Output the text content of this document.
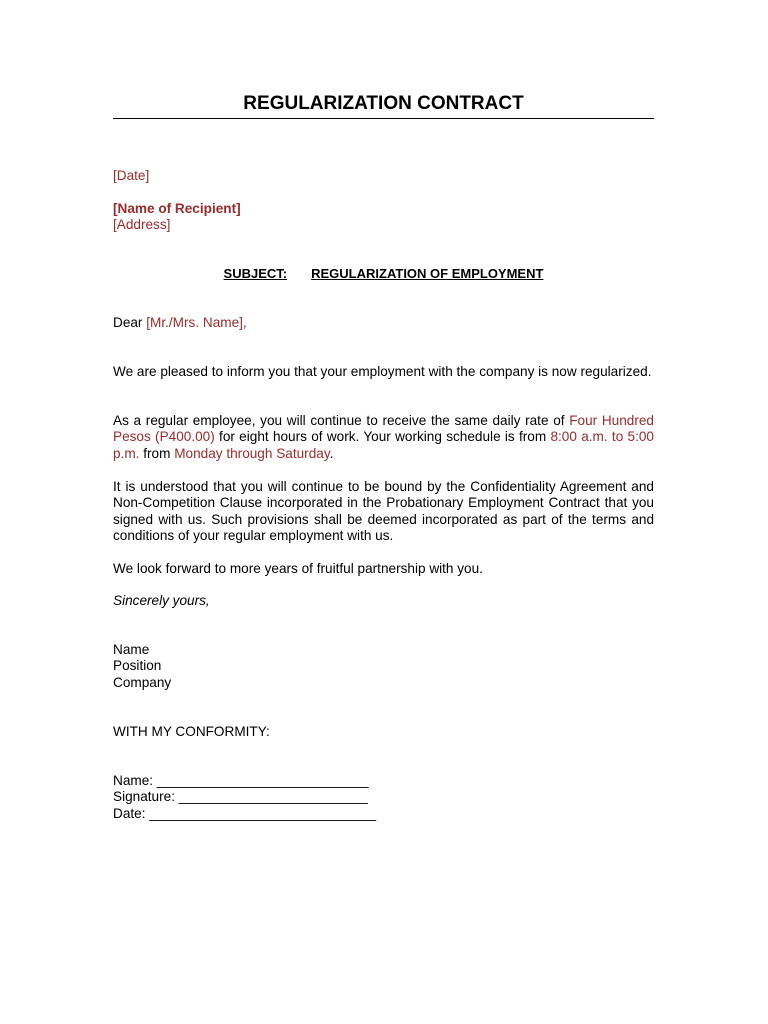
REGULARIZATION CONTRACT
[Date]
[Name of Recipient]
[Address]
SUBJECT: REGULARIZATION OF EMPLOYMENT
Dear [Mr./Mrs. Name],
We are pleased to inform you that your employment with the company is now regularized.
As a regular employee, you will continue to receive the same daily rate of Four Hundred Pesos (P400.00) for eight hours of work. Your working schedule is from 8:00 a.m. to 5:00 p.m. from Monday through Saturday.
It is understood that you will continue to be bound by the Confidentiality Agreement and Non-Competition Clause incorporated in the Probationary Employment Contract that you signed with us. Such provisions shall be deemed incorporated as part of the terms and conditions of your regular employment with us.
We look forward to more years of fruitful partnership with you.
Sincerely yours,
Name
Position
Company
WITH MY CONFORMITY:
Name: ____________________________
Signature: _________________________
Date: ______________________________
